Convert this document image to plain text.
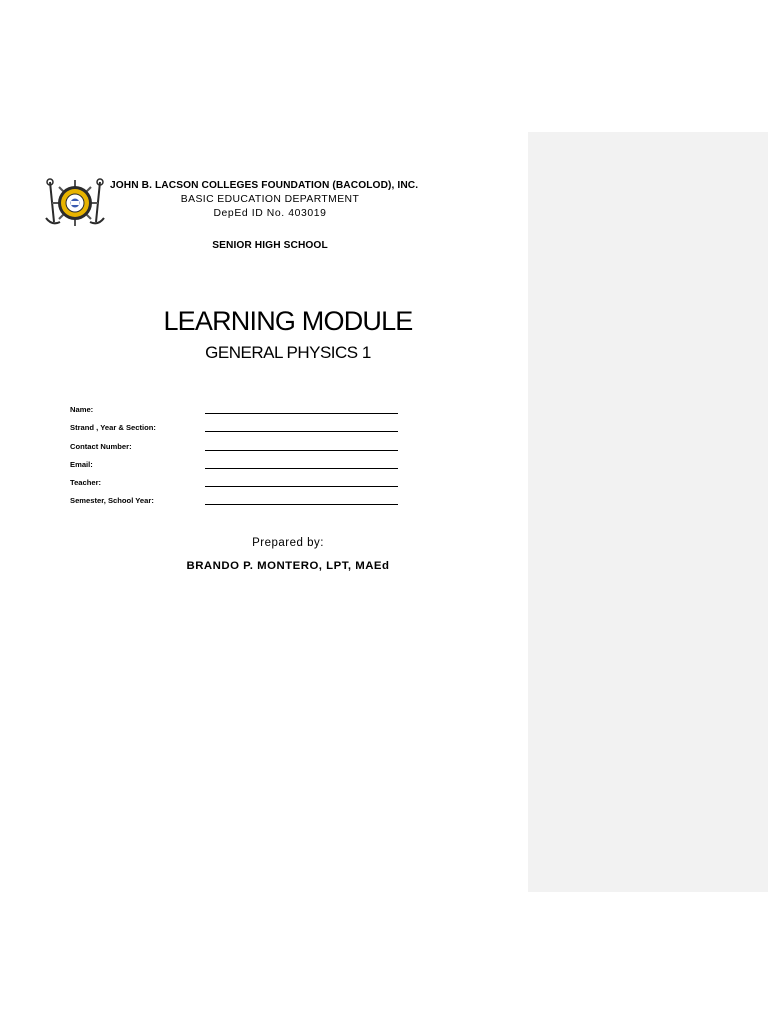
JOHN B. LACSON COLLEGES FOUNDATION (BACOLOD), INC.
BASIC EDUCATION DEPARTMENT
DepEd ID No. 403019
SENIOR HIGH SCHOOL
LEARNING MODULE
GENERAL PHYSICS 1
Name:
Strand , Year & Section:
Contact Number:
Email:
Teacher:
Semester, School Year:
Prepared by:
BRANDO P. MONTERO, LPT, MAEd
